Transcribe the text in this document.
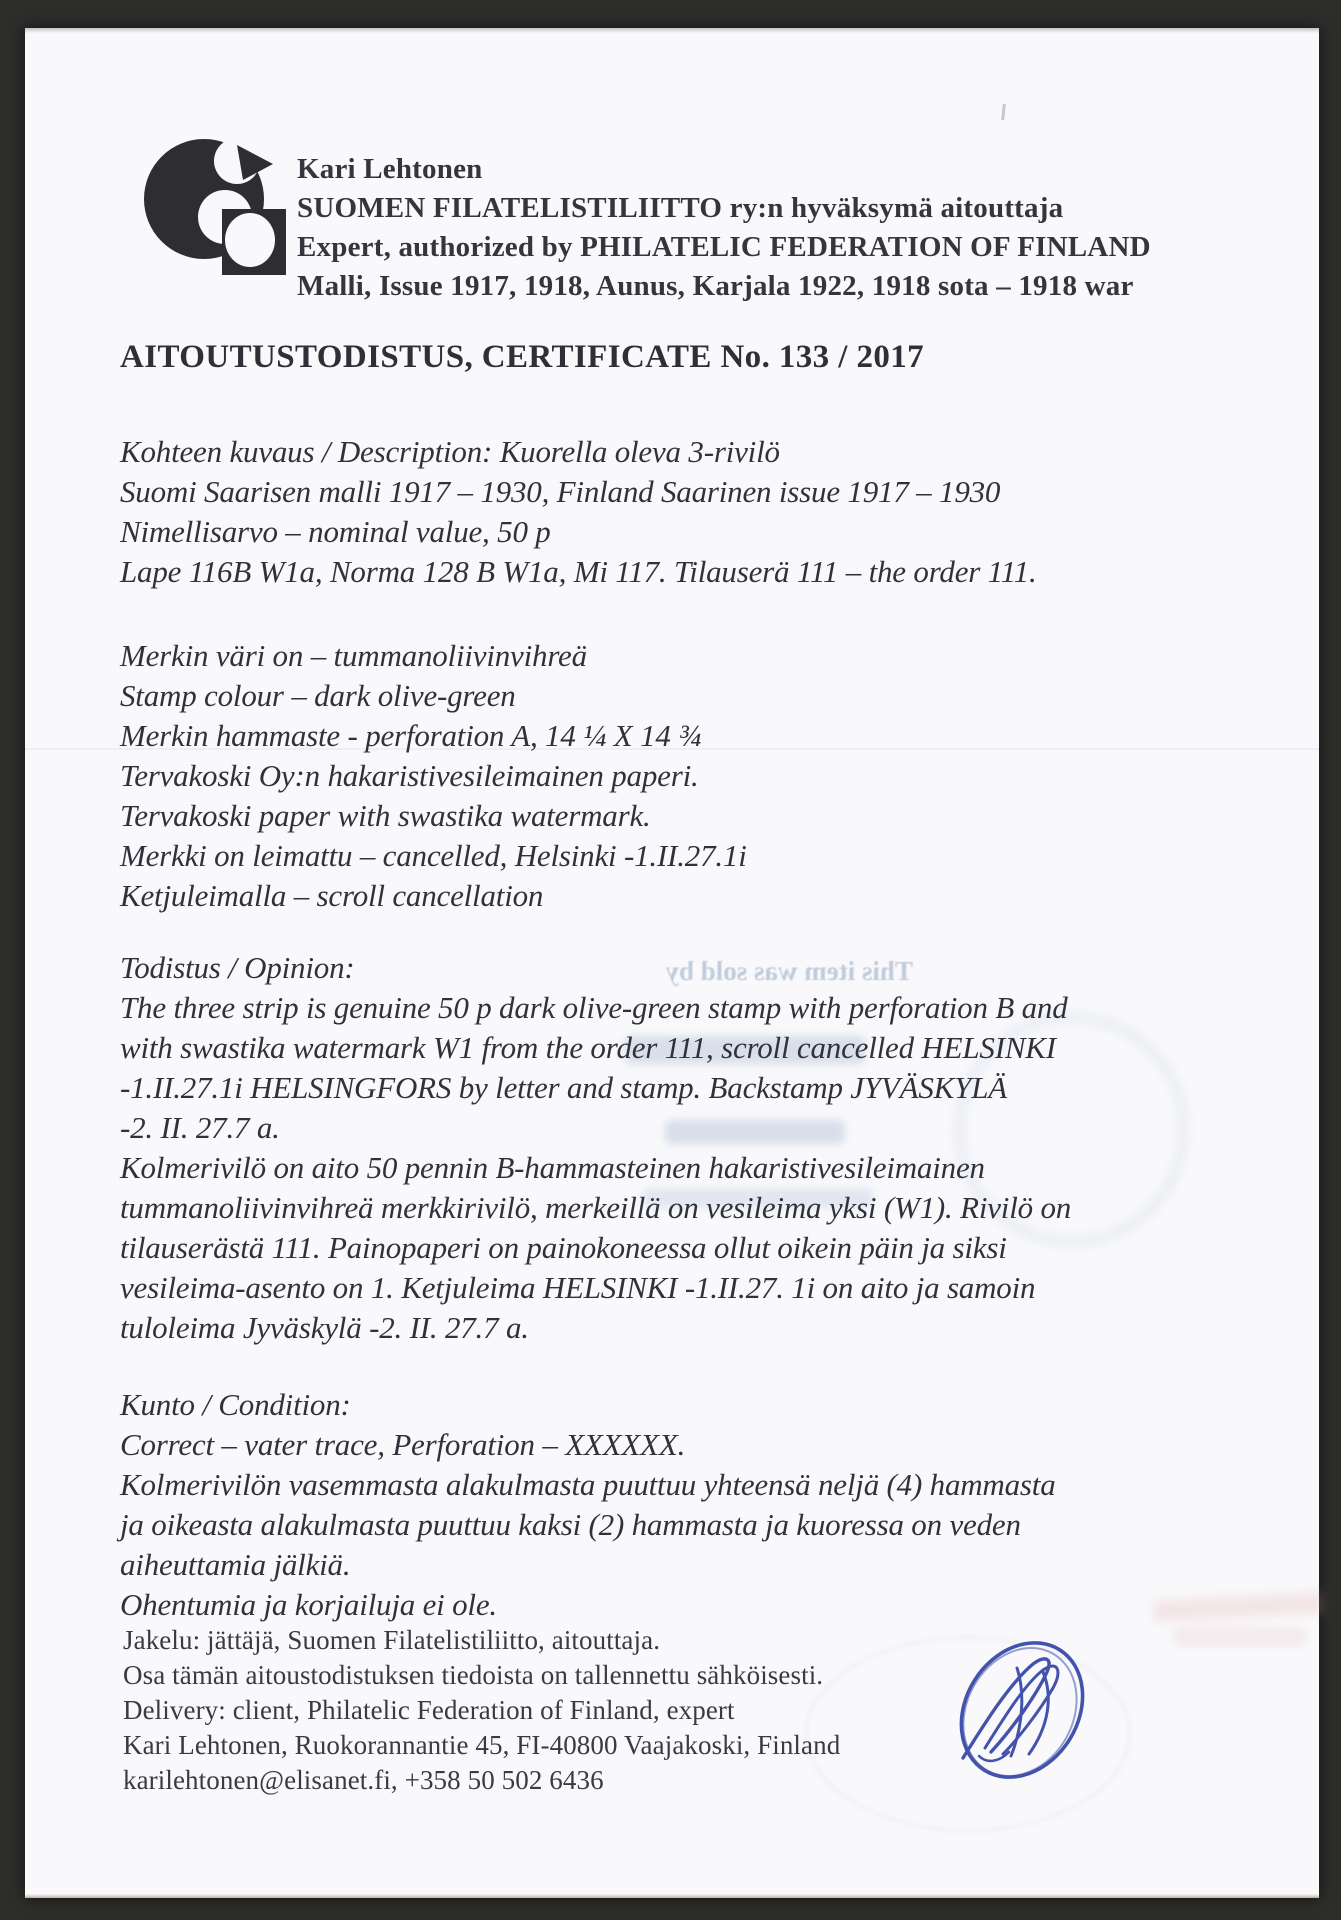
This item was sold by
Kari Lehtonen
SUOMEN FILATELISTILIITTO ry:n hyväksymä aitouttaja
Expert, authorized by PHILATELIC FEDERATION OF FINLAND
Malli, Issue 1917, 1918, Aunus, Karjala 1922, 1918 sota – 1918 war
AITOUTUSTODISTUS, CERTIFICATE No. 133 / 2017
Kohteen kuvaus / Description: Kuorella oleva 3-rivilö
Suomi Saarisen malli 1917 – 1930, Finland Saarinen issue 1917 – 1930
Nimellisarvo – nominal value, 50 p
Lape 116B W1a, Norma 128 B W1a, Mi 117. Tilauserä 111 – the order 111.
Merkin väri on – tummanoliivinvihreä
Stamp colour – dark olive-green
Merkin hammaste - perforation A, 14 ¼ X 14 ¾
Tervakoski Oy:n hakaristivesileimainen paperi.
Tervakoski paper with swastika watermark.
Merkki on leimattu – cancelled, Helsinki -1.II.27.1i
Ketjuleimalla – scroll cancellation
Todistus / Opinion:
The three strip is genuine 50 p dark olive-green stamp with perforation B and
with swastika watermark W1 from the order 111, scroll cancelled HELSINKI
-1.II.27.1i HELSINGFORS by letter and stamp. Backstamp JYVÄSKYLÄ
-2. II. 27.7 a.
Kolmerivilö on aito 50 pennin B-hammasteinen hakaristivesileimainen
tummanoliivinvihreä merkkirivilö, merkeillä on vesileima yksi (W1). Rivilö on
tilauserästä 111. Painopaperi on painokoneessa ollut oikein päin ja siksi
vesileima-asento on 1. Ketjuleima HELSINKI -1.II.27. 1i on aito ja samoin
tuloleima Jyväskylä -2. II. 27.7 a.
Kunto / Condition:
Correct – vater trace, Perforation – XXXXXX.
Kolmerivilön vasemmasta alakulmasta puuttuu yhteensä neljä (4) hammasta
ja oikeasta alakulmasta puuttuu kaksi (2) hammasta ja kuoressa on veden
aiheuttamia jälkiä.
Ohentumia ja korjailuja ei ole.
Jakelu: jättäjä, Suomen Filatelistiliitto, aitouttaja.
Osa tämän aitoustodistuksen tiedoista on tallennettu sähköisesti.
Delivery: client, Philatelic Federation of Finland, expert
Kari Lehtonen, Ruokorannantie 45, FI-40800 Vaajakoski, Finland
karilehtonen@elisanet.fi, +358 50 502 6436
